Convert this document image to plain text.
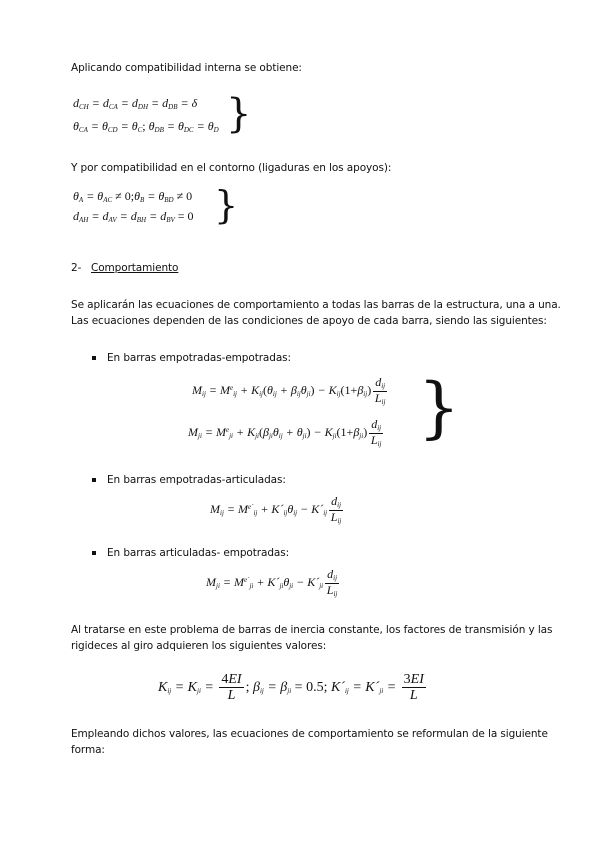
Aplicando compatibilidad interna se obtiene:
$d_{CH} = d_{CA} = d_{DH} = d_{DB} = \delta$
$\theta_{CA} = \theta_{CD} = \theta_C$; $\theta_{DB} = \theta_{DC} = \theta_D$ }
Y por compatibilidad en el contorno (ligaduras en los apoyos):
$\theta_A = \theta_{AC}$ ≠ $0;\theta_B = \theta_{BD} \ne 0$
$d_{AH} = d_{AV} = d_{BH} = d_{BV} = 0$ }
2- Comportamiento
Se aplicarán las ecuaciones de comportamiento a todas las barras de la estructura, una a una.
Las ecuaciones dependen de las condiciones de apoyo de cada barra, siendo las siguientes:
En barras empotradas-empotradas:
$M_{ij} = M^e_{ij} + K_{ij}(\theta_{ij} + \beta_{ij}\theta_{ji}) - K_{ij}(1+\beta_{ij}) \frac{d_{ij}}{L_{ij}}$
$M_{ji} = M^e_{ji} + K_{ji}(\beta_{ji}\theta_{ij} + \theta_{ji}) - K_{ji}(1+\beta_{ji}) \frac{d_{ij}}{L_{ij}}$ }
En barras empotradas-articuladas:
$M_{ij} = M^{e´}_{ij}$ + $K´_{ij}\theta_{ij}$ − $K´_{ij} \frac{d_{ij}}{L_{ij}}$
En barras articuladas- empotradas:
$M_{ji} = M^{e´}_{ji}$ + $K´_{ji}\theta_{ji}$ − $K´_{ji} \frac{d_{ij}}{L_{ij}}$
Al tratarse en este problema de barras de inercia constante, los factores de transmisión y las
rigideces al giro adquieren los siguientes valores:
$K_{ij} = K_{ji} = \frac{4EI}{L}$ ; $\beta_{ij} = \beta_{ji} = 0.5$; $K´_{ij}$ = $K´_{ji} = \frac{3EI}{L}$
Empleando dichos valores, las ecuaciones de comportamiento se reformulan de la siguiente
forma:
